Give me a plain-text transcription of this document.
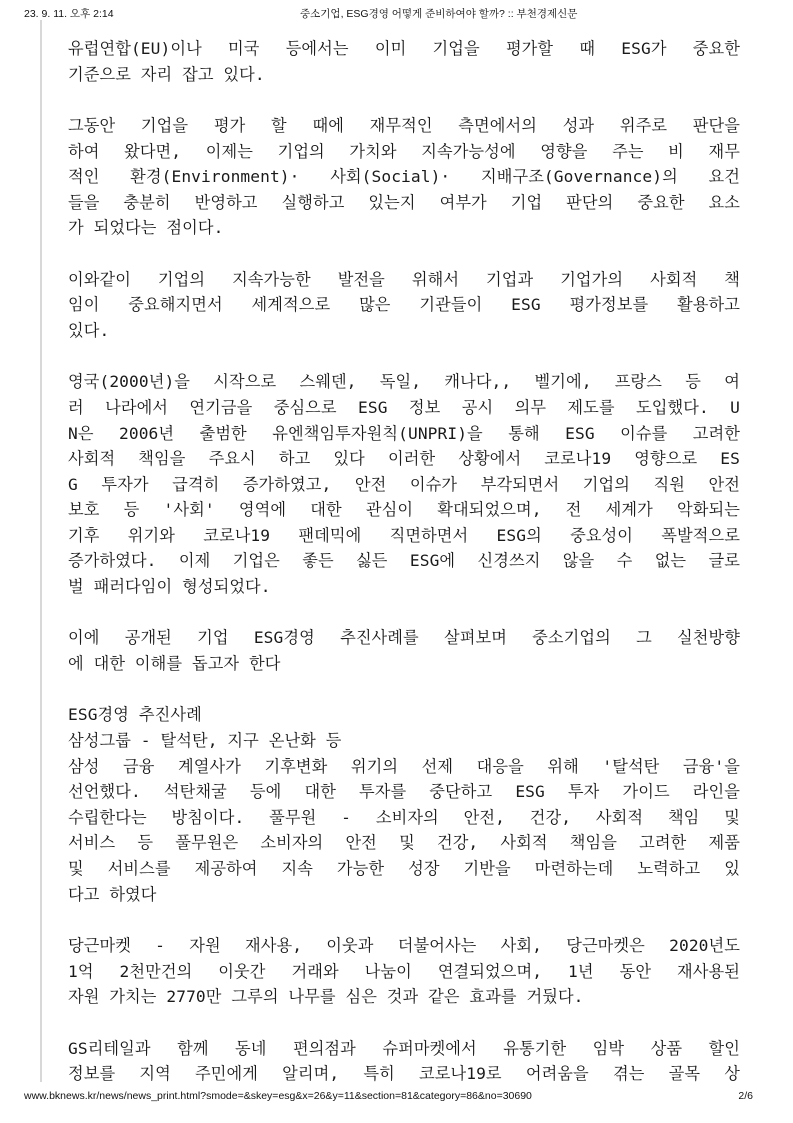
23. 9. 11. 오후 2:14	중소기업, ESG경영 어떻게 준비하여야 할까? :: 부천경제신문
유럽연합(EU)이나 미국 등에서는 이미 기업을 평가할 때 ESG가 중요한
기준으로 자리 잡고 있다.
그동안 기업을 평가 할 때에 재무적인 측면에서의 성과 위주로 판단을
하여 왔다면, 이제는 기업의 가치와 지속가능성에 영향을 주는 비 재무
적인 환경(Environment)· 사회(Social)· 지배구조(Governance)의 요건
들을 충분히 반영하고 실행하고 있는지 여부가 기업 판단의 중요한 요소
가 되었다는 점이다.
이와같이 기업의 지속가능한 발전을 위해서 기업과 기업가의 사회적 책
임이 중요해지면서 세계적으로 많은 기관들이 ESG 평가정보를 활용하고
있다.
영국(2000년)을 시작으로 스웨덴, 독일, 캐나다,, 벨기에, 프랑스 등 여
러 나라에서 연기금을 중심으로 ESG 정보 공시 의무 제도를 도입했다. U
N은 2006년 출범한 유엔책임투자원칙(UNPRI)을 통해 ESG 이슈를 고려한
사회적 책임을 주요시 하고 있다 이러한 상황에서 코로나19 영향으로 ES
G 투자가 급격히 증가하였고, 안전 이슈가 부각되면서 기업의 직원 안전
보호 등 '사회' 영역에 대한 관심이 확대되었으며, 전 세계가 악화되는
기후 위기와 코로나19 팬데믹에 직면하면서 ESG의 중요성이 폭발적으로
증가하였다. 이제 기업은 좋든 싫든 ESG에 신경쓰지 않을 수 없는 글로
벌 패러다임이 형성되었다.
이에 공개된 기업 ESG경영 추진사례를 살펴보며 중소기업의 그 실천방향
에 대한 이해를 돕고자 한다
ESG경영 추진사례
삼성그룹 - 탈석탄, 지구 온난화 등
삼성 금융 계열사가 기후변화 위기의 선제 대응을 위해 '탈석탄 금융'을
선언했다. 석탄채굴 등에 대한 투자를 중단하고 ESG 투자 가이드 라인을
수립한다는 방침이다. 풀무원 - 소비자의 안전, 건강, 사회적 책임 및
서비스 등 풀무원은 소비자의 안전 및 건강, 사회적 책임을 고려한 제품
및 서비스를 제공하여 지속 가능한 성장 기반을 마련하는데 노력하고 있
다고 하였다
당근마켓 - 자원 재사용, 이웃과 더불어사는 사회, 당근마켓은 2020년도
1억 2천만건의 이웃간 거래와 나눔이 연결되었으며, 1년 동안 재사용된
자원 가치는 2770만 그루의 나무를 심은 것과 같은 효과를 거뒀다.
GS리테일과 함께 동네 편의점과 슈퍼마켓에서 유통기한 임박 상품 할인
정보를 지역 주민에게 알리며, 특히 코로나19로 어려움을 겪는 골목 상
www.bknews.kr/news/news_print.html?smode=&skey=esg&x=26&y=11&section=81&category=86&no=30690	2/6
